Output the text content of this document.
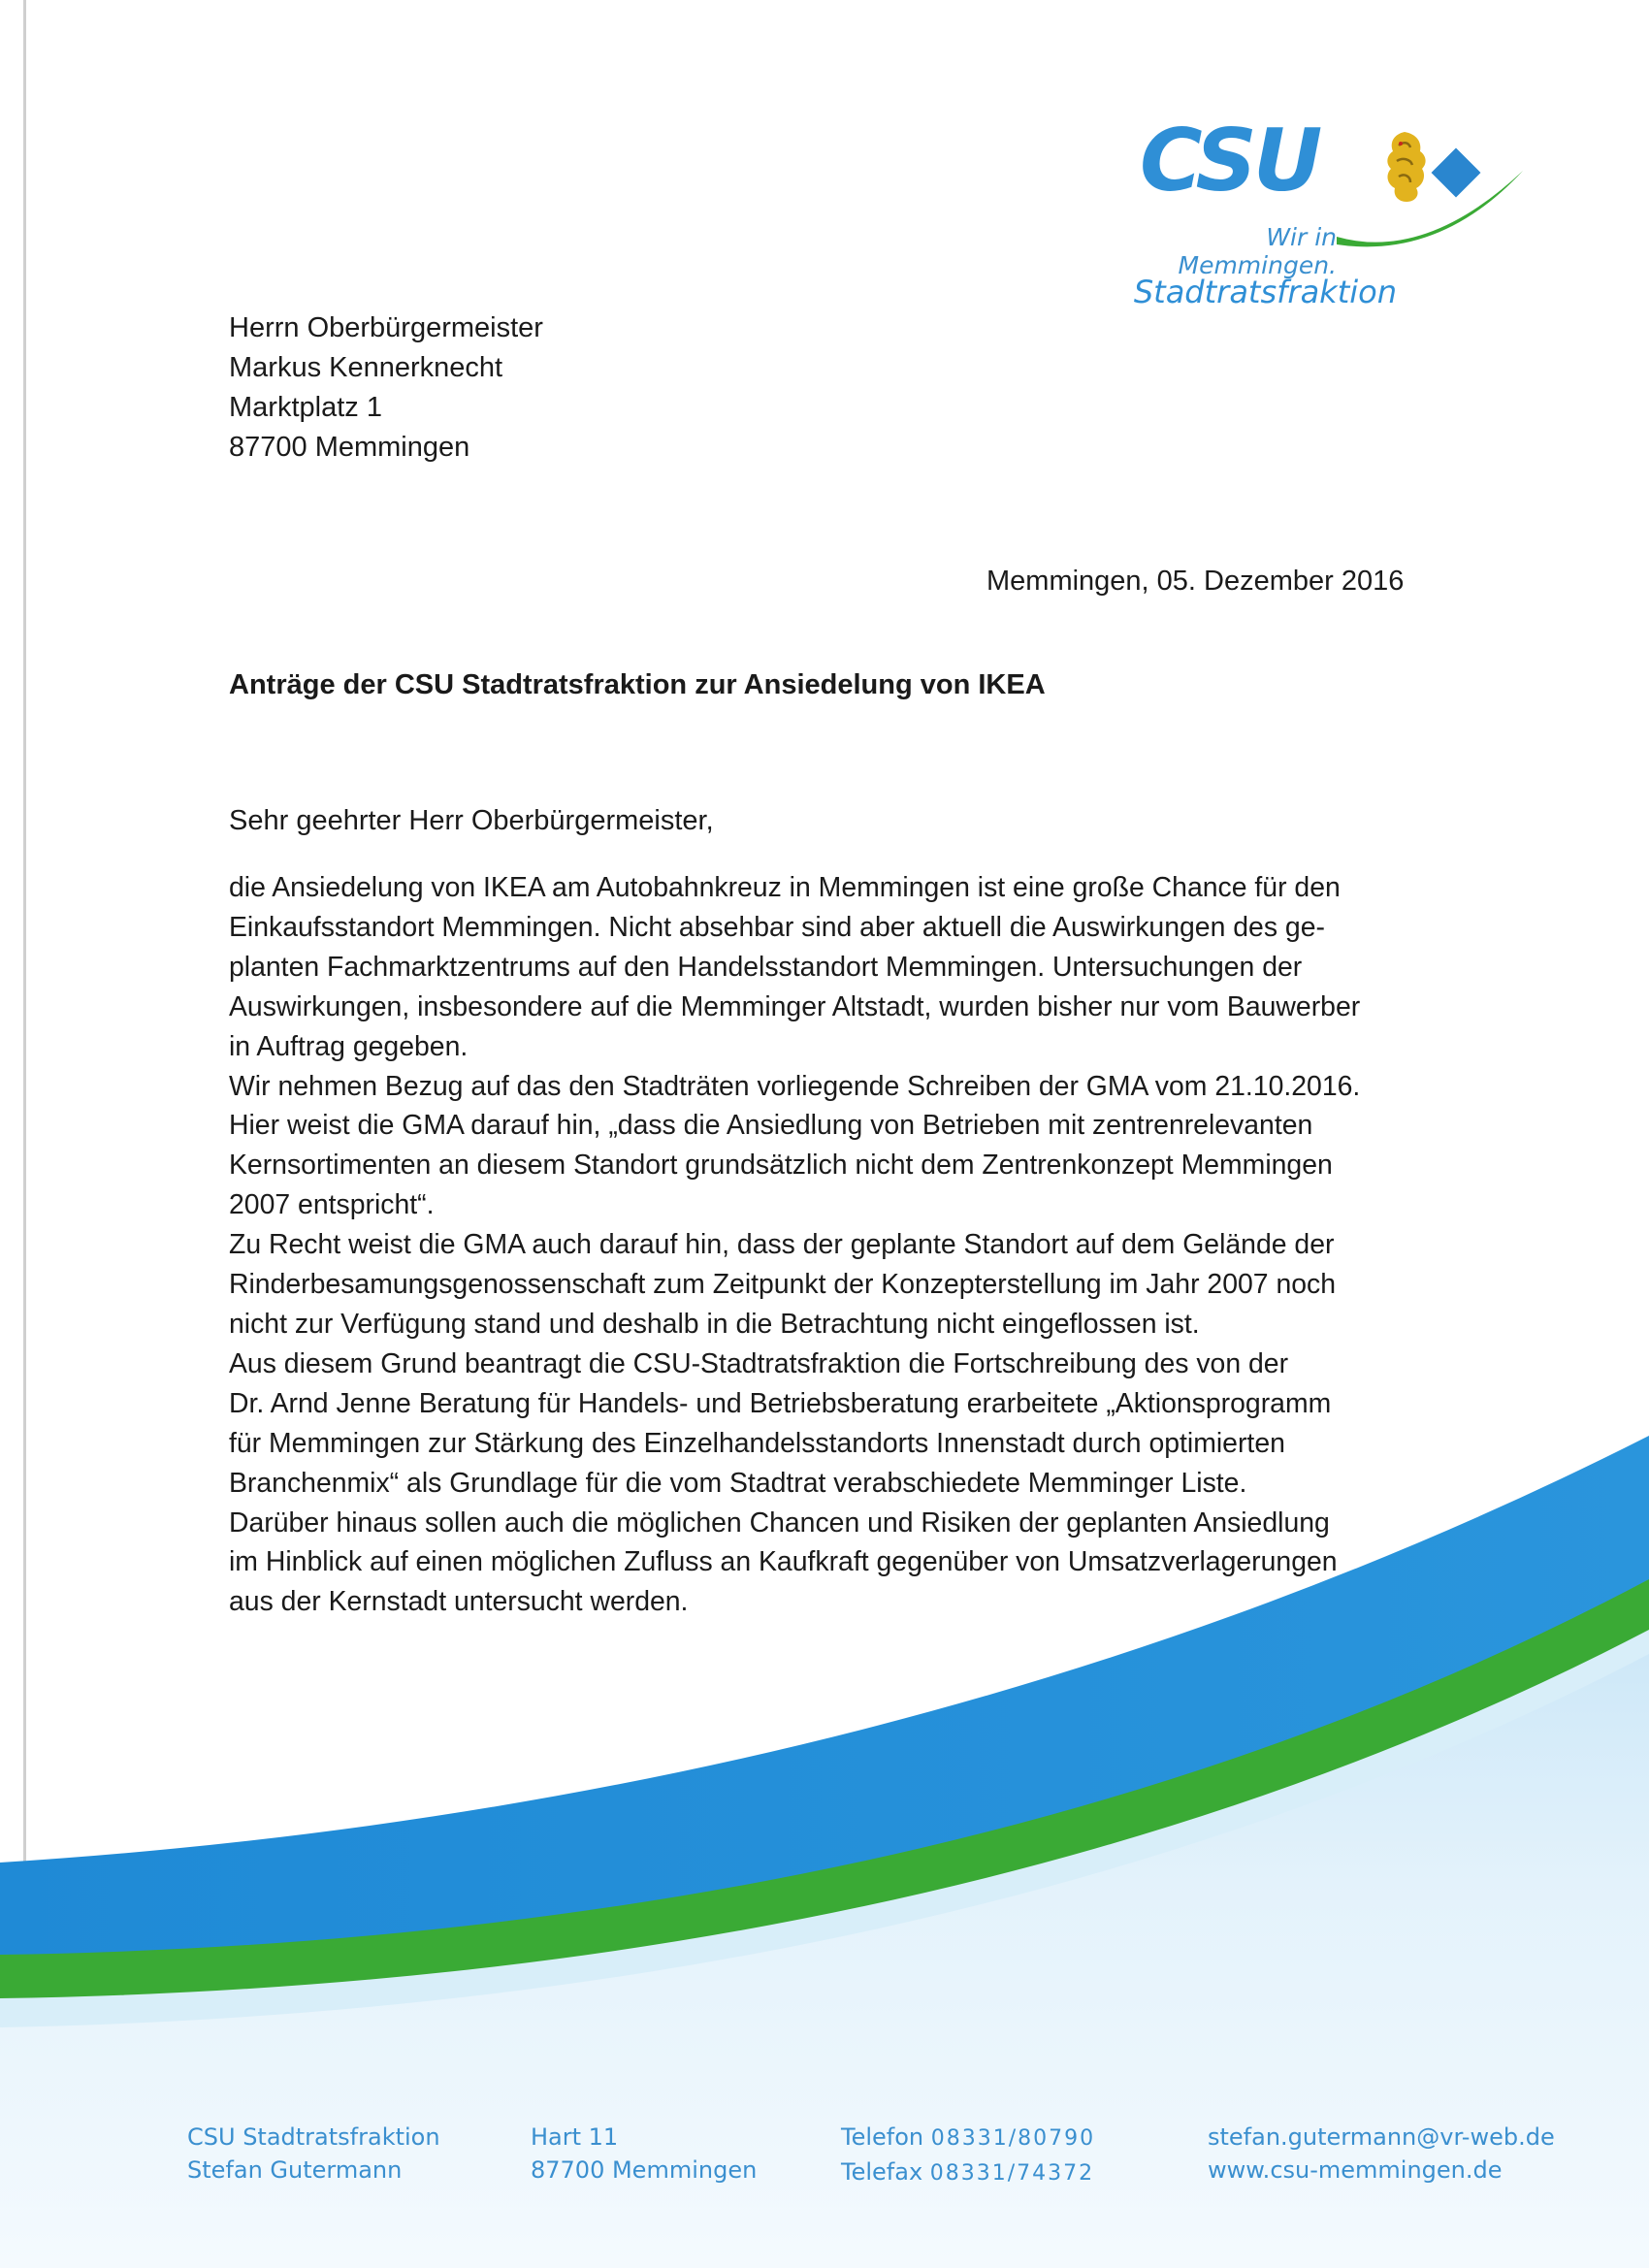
CSU
Wir in Memmingen.
Stadtratsfraktion
Herrn Oberbürgermeister
Markus Kennerknecht
Marktplatz 1
87700 Memmingen
Memmingen, 05. Dezember 2016
Anträge der CSU Stadtratsfraktion zur Ansiedelung von IKEA
Sehr geehrter Herr Oberbürgermeister,
die Ansiedelung von IKEA am Autobahnkreuz in Memmingen ist eine große Chance für den
Einkaufsstandort Memmingen. Nicht absehbar sind aber aktuell die Auswirkungen des ge-
planten Fachmarktzentrums auf den Handelsstandort Memmingen. Untersuchungen der
Auswirkungen, insbesondere auf die Memminger Altstadt, wurden bisher nur vom Bauwerber
in Auftrag gegeben.
Wir nehmen Bezug auf das den Stadträten vorliegende Schreiben der GMA vom 21.10.2016.
Hier weist die GMA darauf hin, „dass die Ansiedlung von Betrieben mit zentrenrelevanten
Kernsortimenten an diesem Standort grundsätzlich nicht dem Zentrenkonzept Memmingen
2007 entspricht“.
Zu Recht weist die GMA auch darauf hin, dass der geplante Standort auf dem Gelände der
Rinderbesamungsgenossenschaft zum Zeitpunkt der Konzepterstellung im Jahr 2007 noch
nicht zur Verfügung stand und deshalb in die Betrachtung nicht eingeflossen ist.
Aus diesem Grund beantragt die CSU-Stadtratsfraktion die Fortschreibung des von der
Dr. Arnd Jenne Beratung für Handels- und Betriebsberatung erarbeitete „Aktionsprogramm
für Memmingen zur Stärkung des Einzelhandelsstandorts Innenstadt durch optimierten
Branchenmix“ als Grundlage für die vom Stadtrat verabschiedete Memminger Liste.
Darüber hinaus sollen auch die möglichen Chancen und Risiken der geplanten Ansiedlung
im Hinblick auf einen möglichen Zufluss an Kaufkraft gegenüber von Umsatzverlagerungen
aus der Kernstadt untersucht werden.
CSU Stadtratsfraktion
Stefan Gutermann
Hart 11
87700 Memmingen
Telefon 08331/80790
Telefax 08331/74372
stefan.gutermann@vr-web.de
www.csu-memmingen.de
